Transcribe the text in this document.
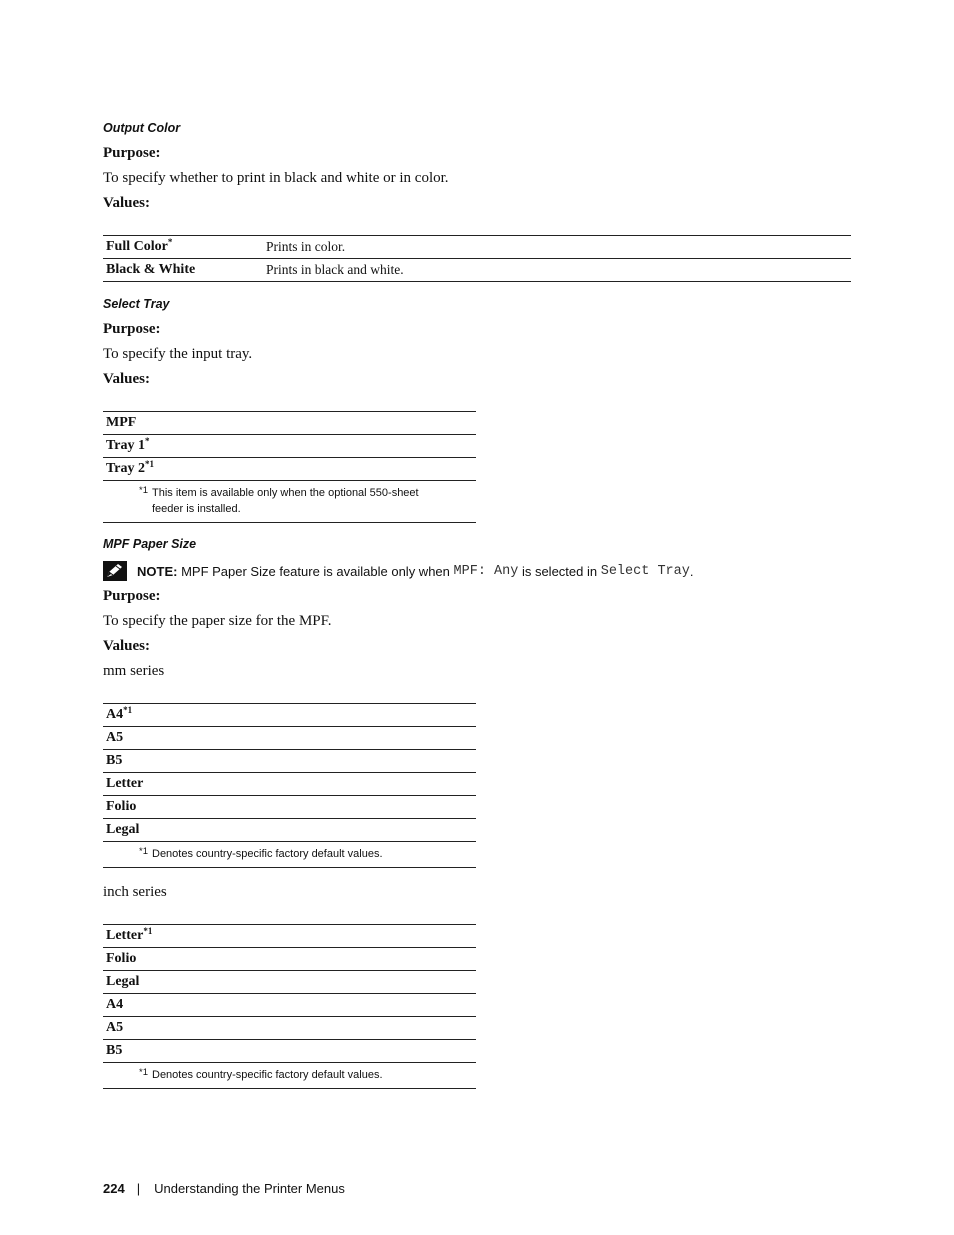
Output Color
Purpose:
To specify whether to print in black and white or in color.
Values:
Full Color*	Prints in color.
Black & White	Prints in black and white.
Select Tray
Purpose:
To specify the input tray.
Values:
MPF
Tray 1*
Tray 2$^{*1}$
*1 This item is available only when the optional 550-sheet
feeder is installed.
MPF Paper Size
NOTE:
MPF Paper Size feature is available only when
MPF: Any
is selected in
Select Tray .
Purpose:
To specify the paper size for the MPF.
Values:
mm series
A4$^{*1}$
A5
B5
Letter
Folio
Legal
*1 Denotes country-specific factory default values.
inch series
Letter$^{*1}$
Folio
Legal
A4
A5
B5
*1 Denotes country-specific factory default values.
224 | Understanding the Printer Menus
